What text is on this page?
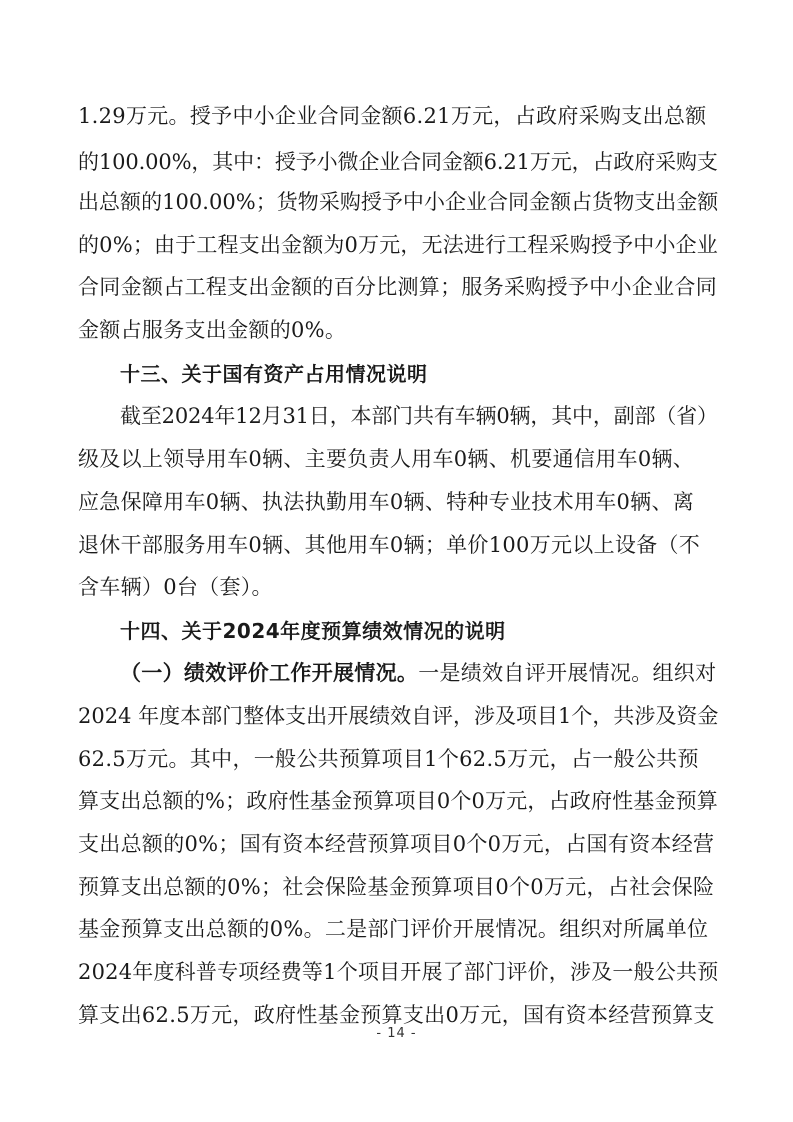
1.29万元。授予中小企业合同金额6.21万元，占政府采购支出总额
的100.00%，其中：授予小微企业合同金额6.21万元，占政府采购支
出总额的100.00%；货物采购授予中小企业合同金额占货物支出金额
的0%；由于工程支出金额为0万元，无法进行工程采购授予中小企业
合同金额占工程支出金额的百分比测算；服务采购授予中小企业合同
金额占服务支出金额的0%。
十三、关于国有资产占用情况说明
截至2024年12月31日，本部门共有车辆0辆，其中，副部（省）
级及以上领导用车0辆、主要负责人用车0辆、机要通信用车0辆、
应急保障用车0辆、执法执勤用车0辆、特种专业技术用车0辆、离
退休干部服务用车0辆、其他用车0辆；单价100万元以上设备（不
含车辆）0台（套）。
十四、关于2024年度预算绩效情况的说明
（一）绩效评价工作开展情况。一是绩效自评开展情况。组织对
2024 年度本部门整体支出开展绩效自评，涉及项目1个，共涉及资金
62.5万元。其中，一般公共预算项目1个62.5万元，占一般公共预
算支出总额的%；政府性基金预算项目0个0万元，占政府性基金预算
支出总额的0%；国有资本经营预算项目0个0万元，占国有资本经营
预算支出总额的0%；社会保险基金预算项目0个0万元，占社会保险
基金预算支出总额的0%。二是部门评价开展情况。组织对所属单位
2024年度科普专项经费等1个项目开展了部门评价，涉及一般公共预
算支出62.5万元，政府性基金预算支出0万元，国有资本经营预算支
- 14 -
